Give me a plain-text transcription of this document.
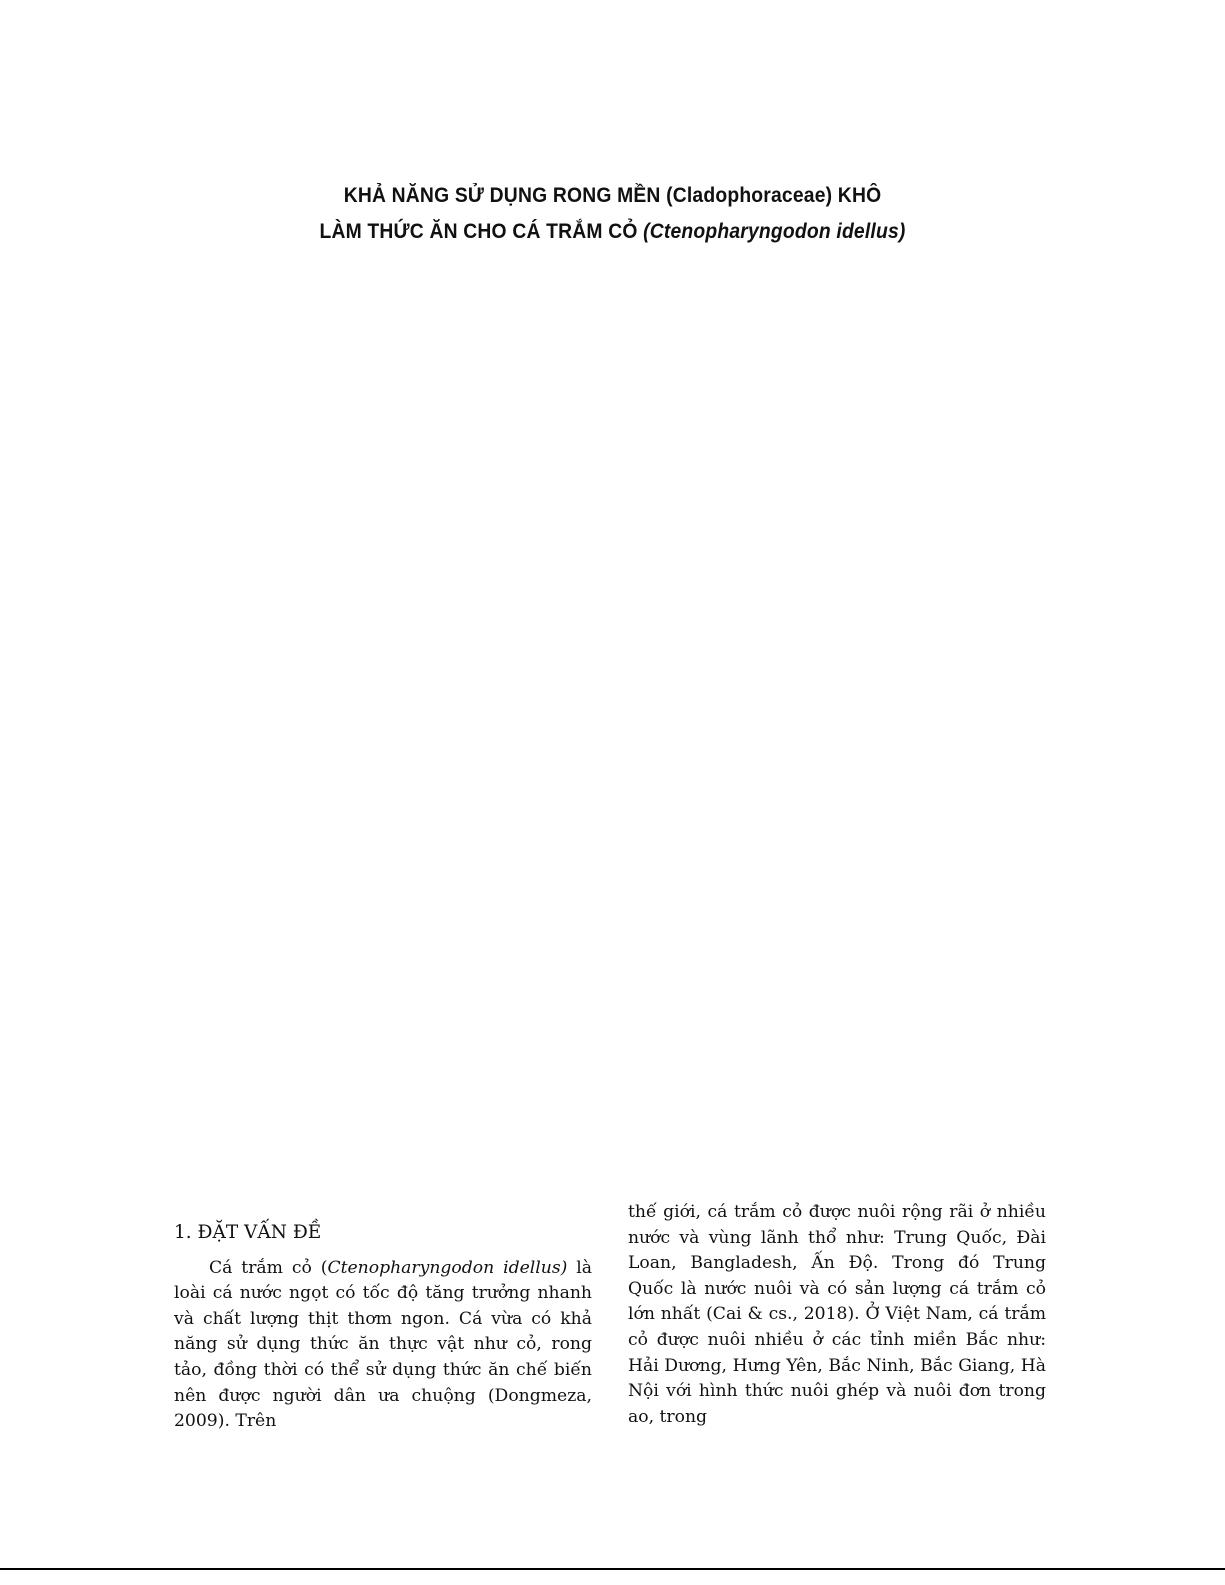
KHẢ NĂNG SỬ DỤNG RONG MỀN (Cladophoraceae) KHÔ
LÀM THỨC ĂN CHO CÁ TRẮM CỎ (Ctenopharyngodon idellus)
1. ĐẶT VẤN ĐỀ

Cá trắm cỏ (Ctenopharyngodon idellus) là loài cá nước ngọt có tốc độ tăng trưởng nhanh và chất lượng thịt thơm ngon. Cá vừa có khả năng sử dụng thức ăn thực vật như cỏ, rong tảo, đồng thời có thể sử dụng thức ăn chế biến nên được người dân ưa chuộng (Dongmeza, 2009). Trên

thế giới, cá trắm cỏ được nuôi rộng rãi ở nhiều nước và vùng lãnh thổ như: Trung Quốc, Đài Loan, Bangladesh, Ấn Độ. Trong đó Trung Quốc là nước nuôi và có sản lượng cá trắm cỏ lớn nhất (Cai & cs., 2018). Ở Việt Nam, cá trắm cỏ được nuôi nhiều ở các tỉnh miền Bắc như: Hải Dương, Hưng Yên, Bắc Ninh, Bắc Giang, Hà Nội với hình thức nuôi ghép và nuôi đơn trong ao, trong
